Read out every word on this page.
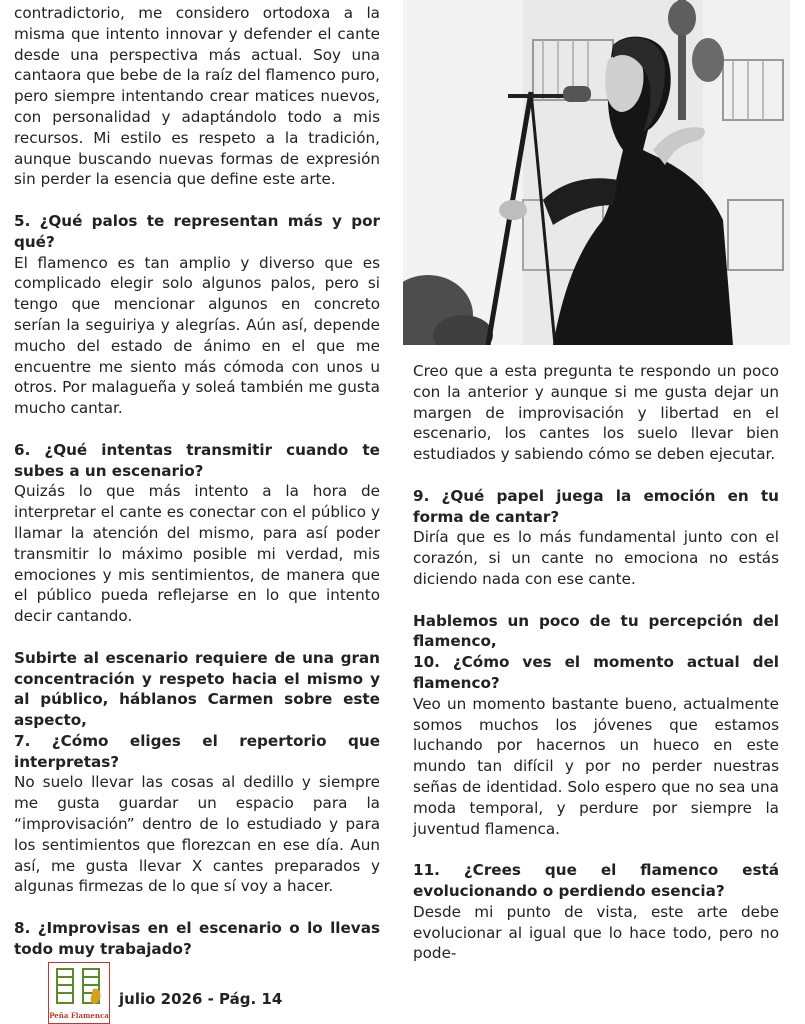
contradictorio, me considero ortodoxa a la misma que intento innovar y defender el cante desde una perspectiva más actual. Soy una cantaora que bebe de la raíz del flamenco puro, pero siempre intentando crear matices nuevos, con personalidad y adaptándolo todo a mis recursos. Mi estilo es respeto a la tradición, aunque buscando nuevas formas de expresión sin perder la esencia que define este arte.

5. ¿Qué palos te representan más y por qué?

El flamenco es tan amplio y diverso que es complicado elegir solo algunos palos, pero si tengo que mencionar algunos en concreto serían la seguiriya y alegrías. Aún así, depende mucho del estado de ánimo en el que me encuentre me siento más cómoda con unos u otros. Por malagueña y soleá también me gusta mucho cantar.

6. ¿Qué intentas transmitir cuando te subes a un escenario?

Quizás lo que más intento a la hora de interpretar el cante es conectar con el público y llamar la atención del mismo, para así poder transmitir lo máximo posible mi verdad, mis emociones y mis sentimientos, de manera que el público pueda reflejarse en lo que intento decir cantando.

Subirte al escenario requiere de una gran concentración y respeto hacia el mismo y al público, háblanos Carmen sobre este aspecto,

7. ¿Cómo eliges el repertorio que interpretas?

No suelo llevar las cosas al dedillo y siempre me gusta guardar un espacio para la “improvisación” dentro de lo estudiado y para los sentimientos que florezcan en ese día. Aun así, me gusta llevar X cantes preparados y algunas firmezas de lo que sí voy a hacer.

8. ¿Improvisas en el escenario o lo llevas todo muy trabajado?

Creo que a esta pregunta te respondo un poco con la anterior y aunque si me gusta dejar un margen de improvisación y libertad en el escenario, los cantes los suelo llevar bien estudiados y sabiendo cómo se deben ejecutar.

9. ¿Qué papel juega la emoción en tu forma de cantar?

Diría que es lo más fundamental junto con el corazón, si un cante no emociona no estás diciendo nada con ese cante.

Hablemos un poco de tu percepción del flamenco,

10. ¿Cómo ves el momento actual del flamenco?

Veo un momento bastante bueno, actualmente somos muchos los jóvenes que estamos luchando por hacernos un hueco en este mundo tan difícil y por no perder nuestras señas de identidad. Solo espero que no sea una moda temporal, y perdure por siempre la juventud flamenca.

11. ¿Crees que el flamenco está evolucionando o perdiendo esencia?

Desde mi punto de vista, este arte debe evolucionar al igual que lo hace todo, pero no pode-

Peña Flamenca
julio 2026 - Pág. 14
